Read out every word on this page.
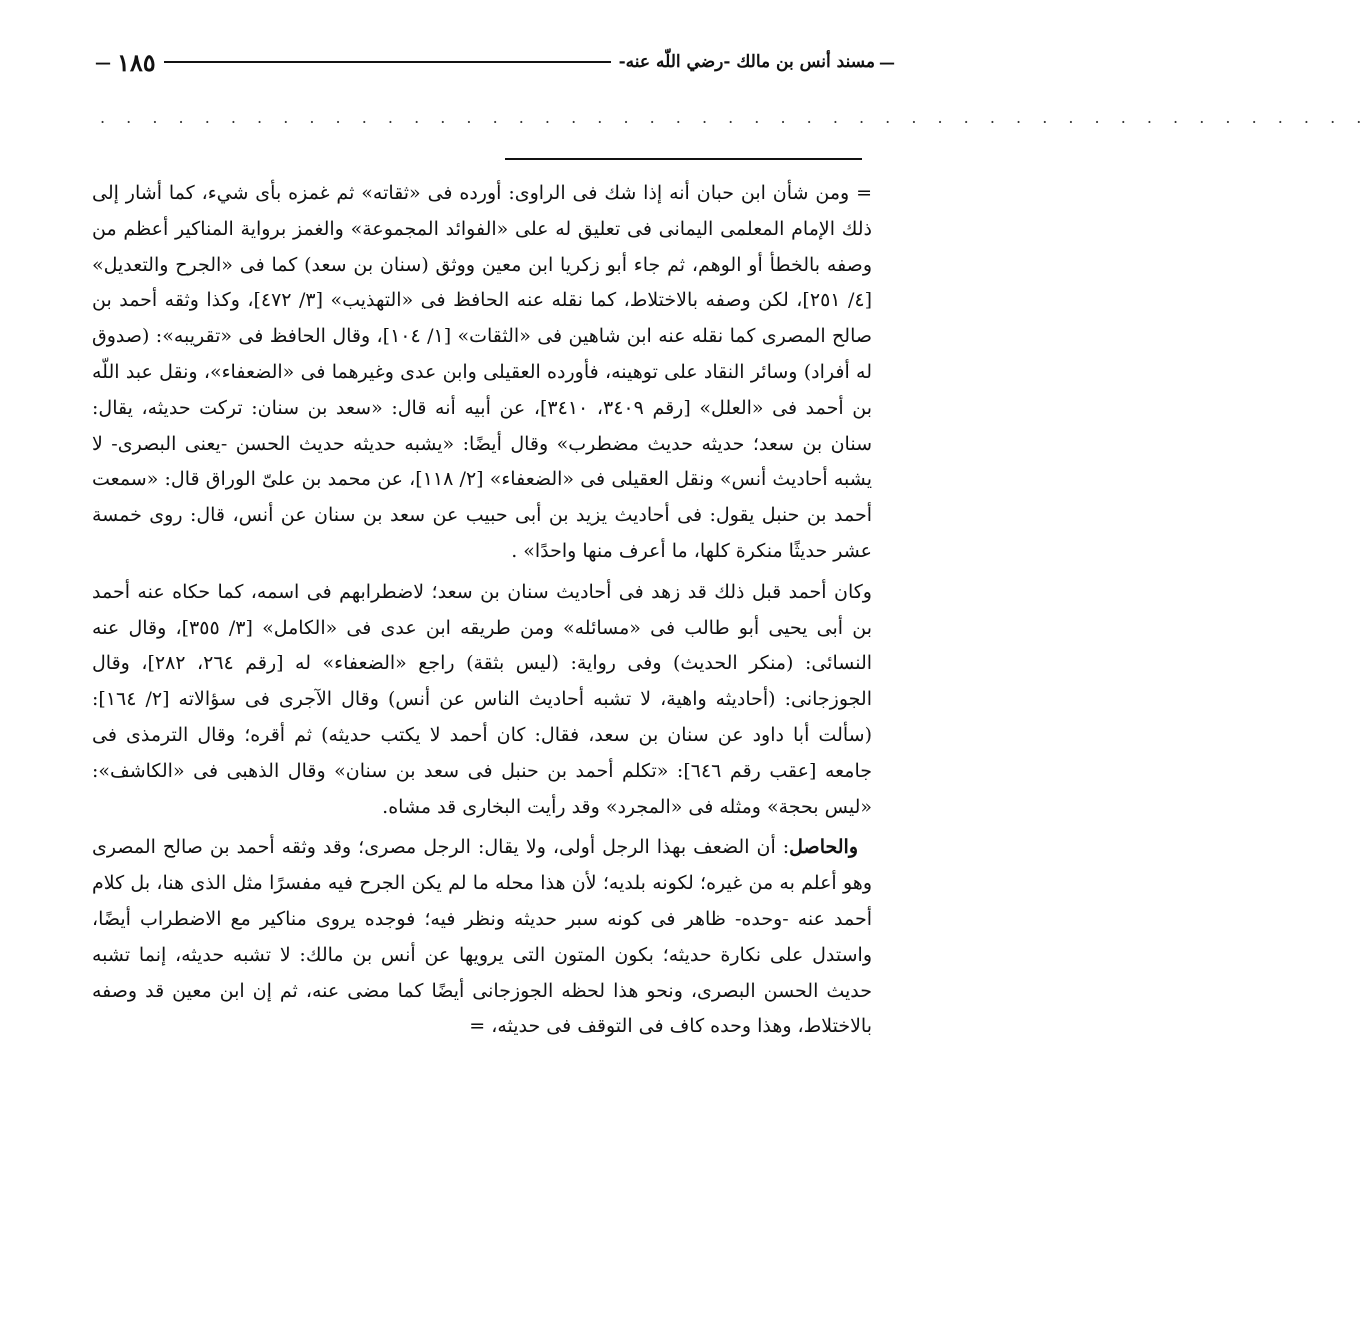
—
مسند أنس بن مالك -رضي اللّه عنه-
١٨٥
—
. . . . . . . . . . . . . . . . . . . . . . . . . . . . . . . . . . . . . . . . . . . . . . . . .

= ومن شأن ابن حبان أنه إذا شك فى الراوى: أورده فى «ثقاته» ثم غمزه بأى شيء، كما أشار إلى ذلك الإمام المعلمى اليمانى فى تعليق له على «الفوائد المجموعة» والغمز برواية المناكير أعظم من وصفه بالخطأ أو الوهم، ثم جاء أبو زكريا ابن معين ووثق (سنان بن سعد) كما فى «الجرح والتعديل» [٤/ ٢٥١]، لكن وصفه بالاختلاط، كما نقله عنه الحافظ فى «التهذيب» [٣/ ٤٧٢]، وكذا وثقه أحمد بن صالح المصرى كما نقله عنه ابن شاهين فى «الثقات» [١/ ١٠٤]، وقال الحافظ فى «تقريبه»: (صدوق له أفراد) وسائر النقاد على توهينه، فأورده العقيلى وابن عدى وغيرهما فى «الضعفاء»، ونقل عبد اللّه بن أحمد فى «العلل» [رقم ٣٤٠٩، ٣٤١٠]، عن أبيه أنه قال: «سعد بن سنان: تركت حديثه، يقال: سنان بن سعد؛ حديثه حديث مضطرب» وقال أيضًا: «يشبه حديثه حديث الحسن -يعنى البصرى- لا يشبه أحاديث أنس» ونقل العقيلى فى «الضعفاء» [٢/ ١١٨]، عن محمد بن علىّ الوراق قال: «سمعت أحمد بن حنبل يقول: فى أحاديث يزيد بن أبى حبيب عن سعد بن سنان عن أنس، قال: روى خمسة عشر حديثًا منكرة كلها، ما أعرف منها واحدًا» .

وكان أحمد قبل ذلك قد زهد فى أحاديث سنان بن سعد؛ لاضطرابهم فى اسمه، كما حكاه عنه أحمد بن أبى يحيى أبو طالب فى «مسائله» ومن طريقه ابن عدى فى «الكامل» [٣/ ٣٥٥]، وقال عنه النسائى: (منكر الحديث) وفى رواية: (ليس بثقة) راجع «الضعفاء» له [رقم ٢٦٤، ٢٨٢]، وقال الجوزجانى: (أحاديثه واهية، لا تشبه أحاديث الناس عن أنس) وقال الآجرى فى سؤالاته [٢/ ١٦٤]: (سألت أبا داود عن سنان بن سعد، فقال: كان أحمد لا يكتب حديثه) ثم أقره؛ وقال الترمذى فى جامعه [عقب رقم ٦٤٦]: «تكلم أحمد بن حنبل فى سعد بن سنان» وقال الذهبى فى «الكاشف»: «ليس بحجة» ومثله فى «المجرد» وقد رأيت البخارى قد مشاه.

والحاصل: أن الضعف بهذا الرجل أولى، ولا يقال: الرجل مصرى؛ وقد وثقه أحمد بن صالح المصرى وهو أعلم به من غيره؛ لكونه بلديه؛ لأن هذا محله ما لم يكن الجرح فيه مفسرًا مثل الذى هنا، بل كلام أحمد عنه -وحده- ظاهر فى كونه سبر حديثه ونظر فيه؛ فوجده يروى مناكير مع الاضطراب أيضًا، واستدل على نكارة حديثه؛ بكون المتون التى يرويها عن أنس بن مالك: لا تشبه حديثه، إنما تشبه حديث الحسن البصرى، ونحو هذا لحظه الجوزجانى أيضًا كما مضى عنه، ثم إن ابن معين قد وصفه بالاختلاط، وهذا وحده كاف فى التوقف فى حديثه، =
